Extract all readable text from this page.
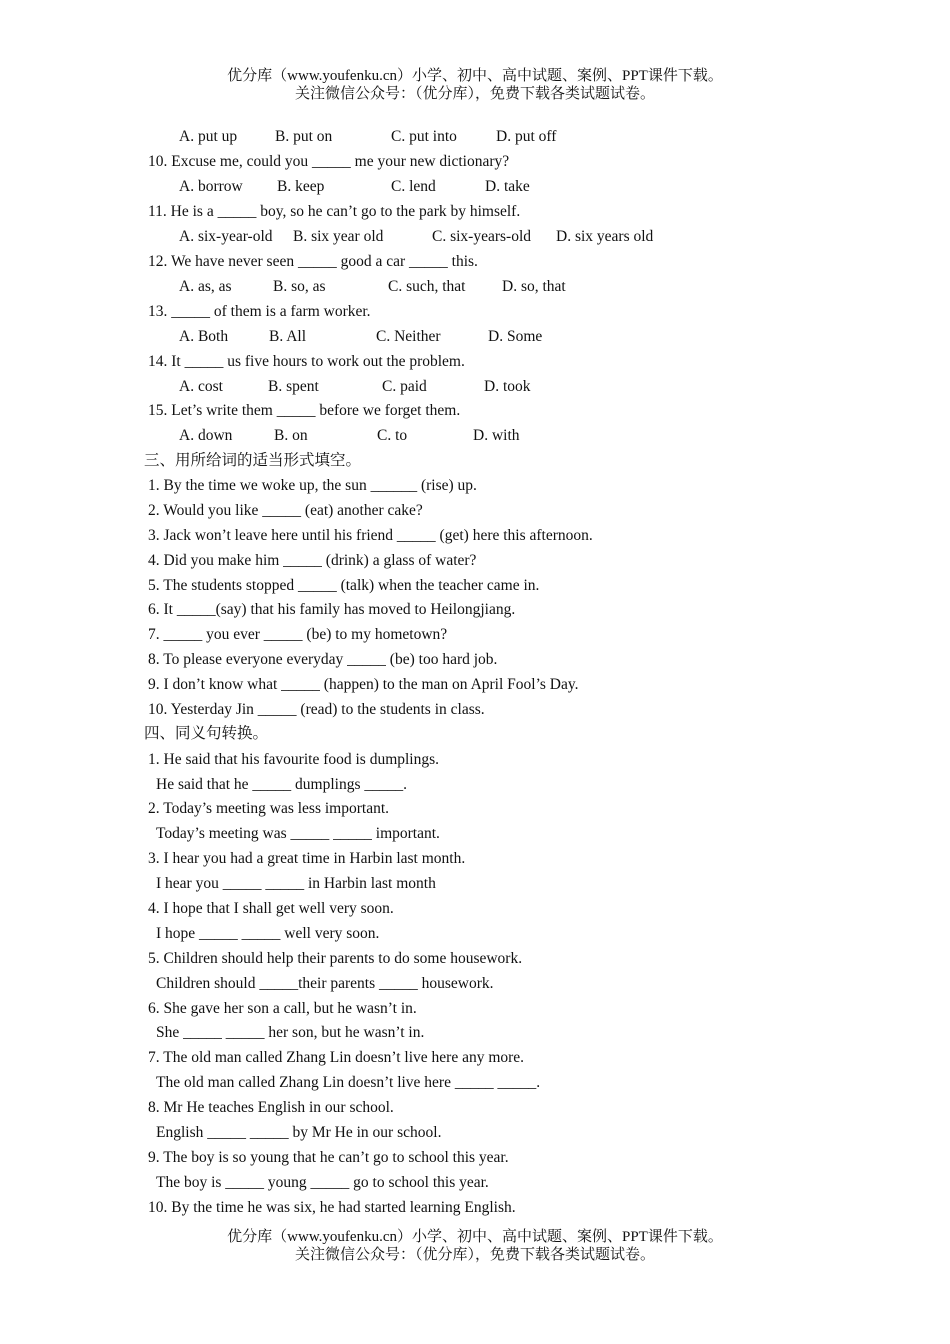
优分库（www.youfenku.cn）小学、初中、高中试题、案例、PPT课件下载。
关注微信公众号：（优分库），免费下载各类试题试卷。
A. put up B. put on	C. put into	D. put off
10. Excuse me, could you _____ me your new dictionary?
A. borrow B. keep	C. lend	D. take
11. He is a _____ boy, so he can’t go to the park by himself.
A. six-year-old B. six year old	C. six-years-old D. six years old
12. We have never seen _____ good a car _____ this.
A. as, as	B. so, as	C. such, that D. so, that
13. _____ of them is a farm worker.
A. Both	B. All	C. Neither	D. Some
14. It _____ us five hours to work out the problem.
A. cost	B. spent	C. paid	D. took
15. Let’s write them _____ before we forget them.
A. down	B. on	C. to	D. with
三、用所给词的适当形式填空。
1. By the time we woke up, the sun ______ (rise) up.
2. Would you like _____ (eat) another cake?
3. Jack won’t leave here until his friend _____ (get) here this afternoon.
4. Did you make him _____ (drink) a glass of water?
5. The students stopped _____ (talk) when the teacher came in.
6. It _____(say) that his family has moved to Heilongjiang.
7. _____ you ever _____ (be) to my hometown?
8. To please everyone everyday _____ (be) too hard job.
9. I don’t know what _____ (happen) to the man on April Fool’s Day.
10. Yesterday Jin _____ (read) to the students in class.
四、同义句转换。
1. He said that his favourite food is dumplings.
He said that he _____ dumplings _____.
2. Today’s meeting was less important.
Today’s meeting was _____ _____ important.
3. I hear you had a great time in Harbin last month.
I hear you _____ _____ in Harbin last month
4. I hope that I shall get well very soon.
I hope _____ _____ well very soon.
5. Children should help their parents to do some housework.
Children should _____their parents _____ housework.
6. She gave her son a call, but he wasn’t in.
She _____ _____ her son, but he wasn’t in.
7. The old man called Zhang Lin doesn’t live here any more.
The old man called Zhang Lin doesn’t live here _____ _____.
8. Mr He teaches English in our school.
English _____ _____ by Mr He in our school.
9. The boy is so young that he can’t go to school this year.
The boy is _____ young _____ go to school this year.
10. By the time he was six, he had started learning English.
优分库（www.youfenku.cn）小学、初中、高中试题、案例、PPT课件下载。
关注微信公众号：（优分库），免费下载各类试题试卷。
